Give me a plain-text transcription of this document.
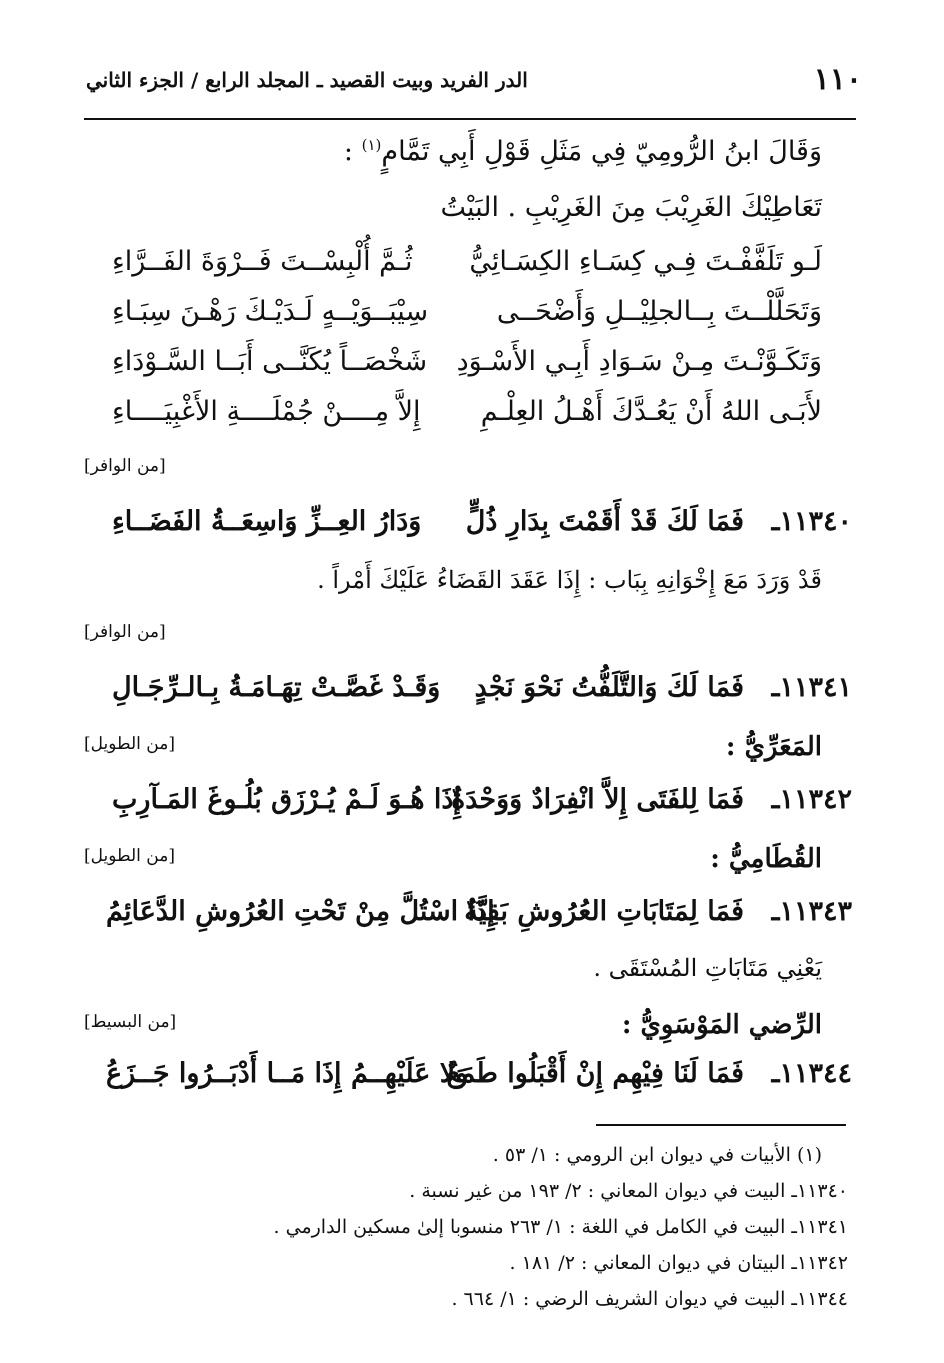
١١٠
الدر الفريد وبيت القصيد ـ المجلد الرابع / الجزء الثاني
وَقَالَ ابنُ الرُّومِيّ فِي مَثَلِ قَوْلِ أَبِي تَمَّامٍ$^{(١)}$ :
تَعَاطِيْكَ الغَرِيْبَ مِنَ الغَرِيْبِ . البَيْتُ
لَـو تَلَفَّفْـتَ فِـي كِسَـاءِ الكِسَـائِيُّ
ثُـمَّ أُلْبِسْــتَ فَــرْوَةَ الفَــرَّاءِ
وَتَحَلَّلْــتَ بِــالجلِيْــلِ وَأَضْحَــى
سِيْبَــوَيْــهٍ لَـدَيْـكَ رَهْـنَ سِبَـاءِ
وَتَكَـوَّنْـتَ مِـنْ سَـوَادِ أَبِـي الأَسْـوَدِ
شَخْصَــاً يُكَنَّــى أَبَــا السَّـوْدَاءِ
لأَبَـى اللهُ أَنْ يَعُـدَّكَ أَهْـلُ العِلْـمِ
إِلاَّ مِــــنْ جُمْلَــــةِ الأَغْبِيَــــاءِ
[من الوافر]
١١٣٤٠ـ
فَمَا لَكَ قَدْ أَقَمْتَ بِدَارِ ذُلٍّ
وَدَارُ العِــزِّ وَاسِعَــةُ الفَضَــاءِ
قَدْ وَرَدَ مَعَ إِخْوَانِهِ بِبَاب : إِذَا عَقَدَ القَضَاءُ عَلَيْكَ أَمْراً .
[من الوافر]
١١٣٤١ـ
فَمَا لَكَ وَالتَّلَفُّتُ نَحْوَ نَجْدٍ
وَقَـدْ غَصَّـتْ تِهَـامَـةُ بِـالـرِّجَـالِ
[من الطويل]	المَعَرِّيُّ :
١١٣٤٢ـ
فَمَا لِلفَتَى إِلاَّ انْفِرَادٌ وَوَحْدَةٌ
إِذَا هُـوَ لَـمْ يُـرْزَق بُلُـوغَ المَـآرِبِ
[من الطويل]	القُطَامِيُّ :
١١٣٤٣ـ
فَمَا لِمَتَابَاتِ العُرُوشِ بَقِيَّةٌ
إِذَا اسْتُلَّ مِنْ تَحْتِ العُرُوشِ الدَّعَائِمُ
يَعْنِي مَتَابَاتِ المُسْتَقَى .
[من البسيط]	الرِّضي المَوْسَوِيُّ :
١١٣٤٤ـ
فَمَا لَنَا فِيْهِم إِنْ أَقْبَلُوا طَمَعٌ
وَلا عَلَيْهِــمُ إِذَا مَــا أَدْبَــرُوا جَــزَعُ
(١) الأبيات في ديوان ابن الرومي : ١/ ٥٣ .
١١٣٤٠ـ البيت في ديوان المعاني : ٢/ ١٩٣ من غير نسبة .
١١٣٤١ـ البيت في الكامل في اللغة : ١/ ٢٦٣ منسوبا إلىٰ مسكين الدارمي .
١١٣٤٢ـ البيتان في ديوان المعاني : ٢/ ١٨١ .
١١٣٤٤ـ البيت في ديوان الشريف الرضي : ١/ ٦٦٤ .
